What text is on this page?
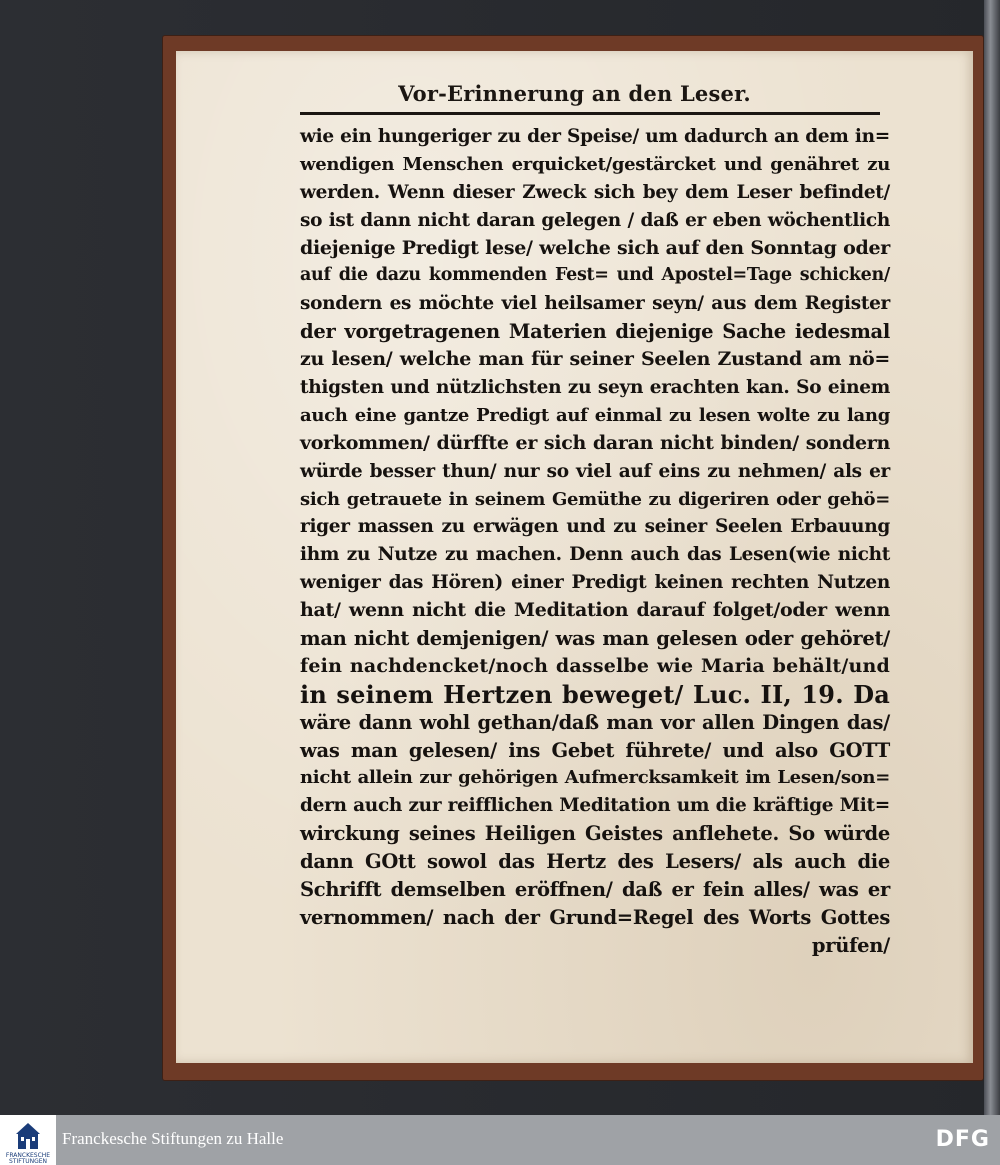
Vor-Erinnerung an den Leser.
wie ein hungeriger zu der Speise/ um dadurch an dem in=
wendigen Menschen erquicket/gestärcket und genähret zu
werden. Wenn dieser Zweck sich bey dem Leser befindet/
so ist dann nicht daran gelegen / daß er eben wöchentlich
diejenige Predigt lese/ welche sich auf den Sonntag oder
auf die dazu kommenden Fest= und Apostel=Tage schicken/
sondern es möchte viel heilsamer seyn/ aus dem Register
der vorgetragenen Materien diejenige Sache iedesmal
zu lesen/ welche man für seiner Seelen Zustand am nö=
thigsten und nützlichsten zu seyn erachten kan. So einem
auch eine gantze Predigt auf einmal zu lesen wolte zu lang
vorkommen/ dürffte er sich daran nicht binden/ sondern
würde besser thun/ nur so viel auf eins zu nehmen/ als er
sich getrauete in seinem Gemüthe zu digeriren oder gehö=
riger massen zu erwägen und zu seiner Seelen Erbauung
ihm zu Nutze zu machen. Denn auch das Lesen(wie nicht
weniger das Hören) einer Predigt keinen rechten Nutzen
hat/ wenn nicht die Meditation darauf folget/oder wenn
man nicht demjenigen/ was man gelesen oder gehöret/
fein nachdencket/noch dasselbe wie Maria behält/und
in seinem Hertzen beweget/ Luc. II, 19. Da
wäre dann wohl gethan/daß man vor allen Dingen das/
was man gelesen/ ins Gebet führete/ und also GOTT
nicht allein zur gehörigen Aufmercksamkeit im Lesen/son=
dern auch zur reifflichen Meditation um die kräftige Mit=
wirckung seines Heiligen Geistes anflehete. So würde
dann GOtt sowol das Hertz des Lesers/ als auch die
Schrifft demselben eröffnen/ daß er fein alles/ was er
vernommen/ nach der Grund=Regel des Worts Gottes
prüfen/
FRANCKESCHE STIFTUNGEN
Franckesche Stiftungen zu Halle	DFG
